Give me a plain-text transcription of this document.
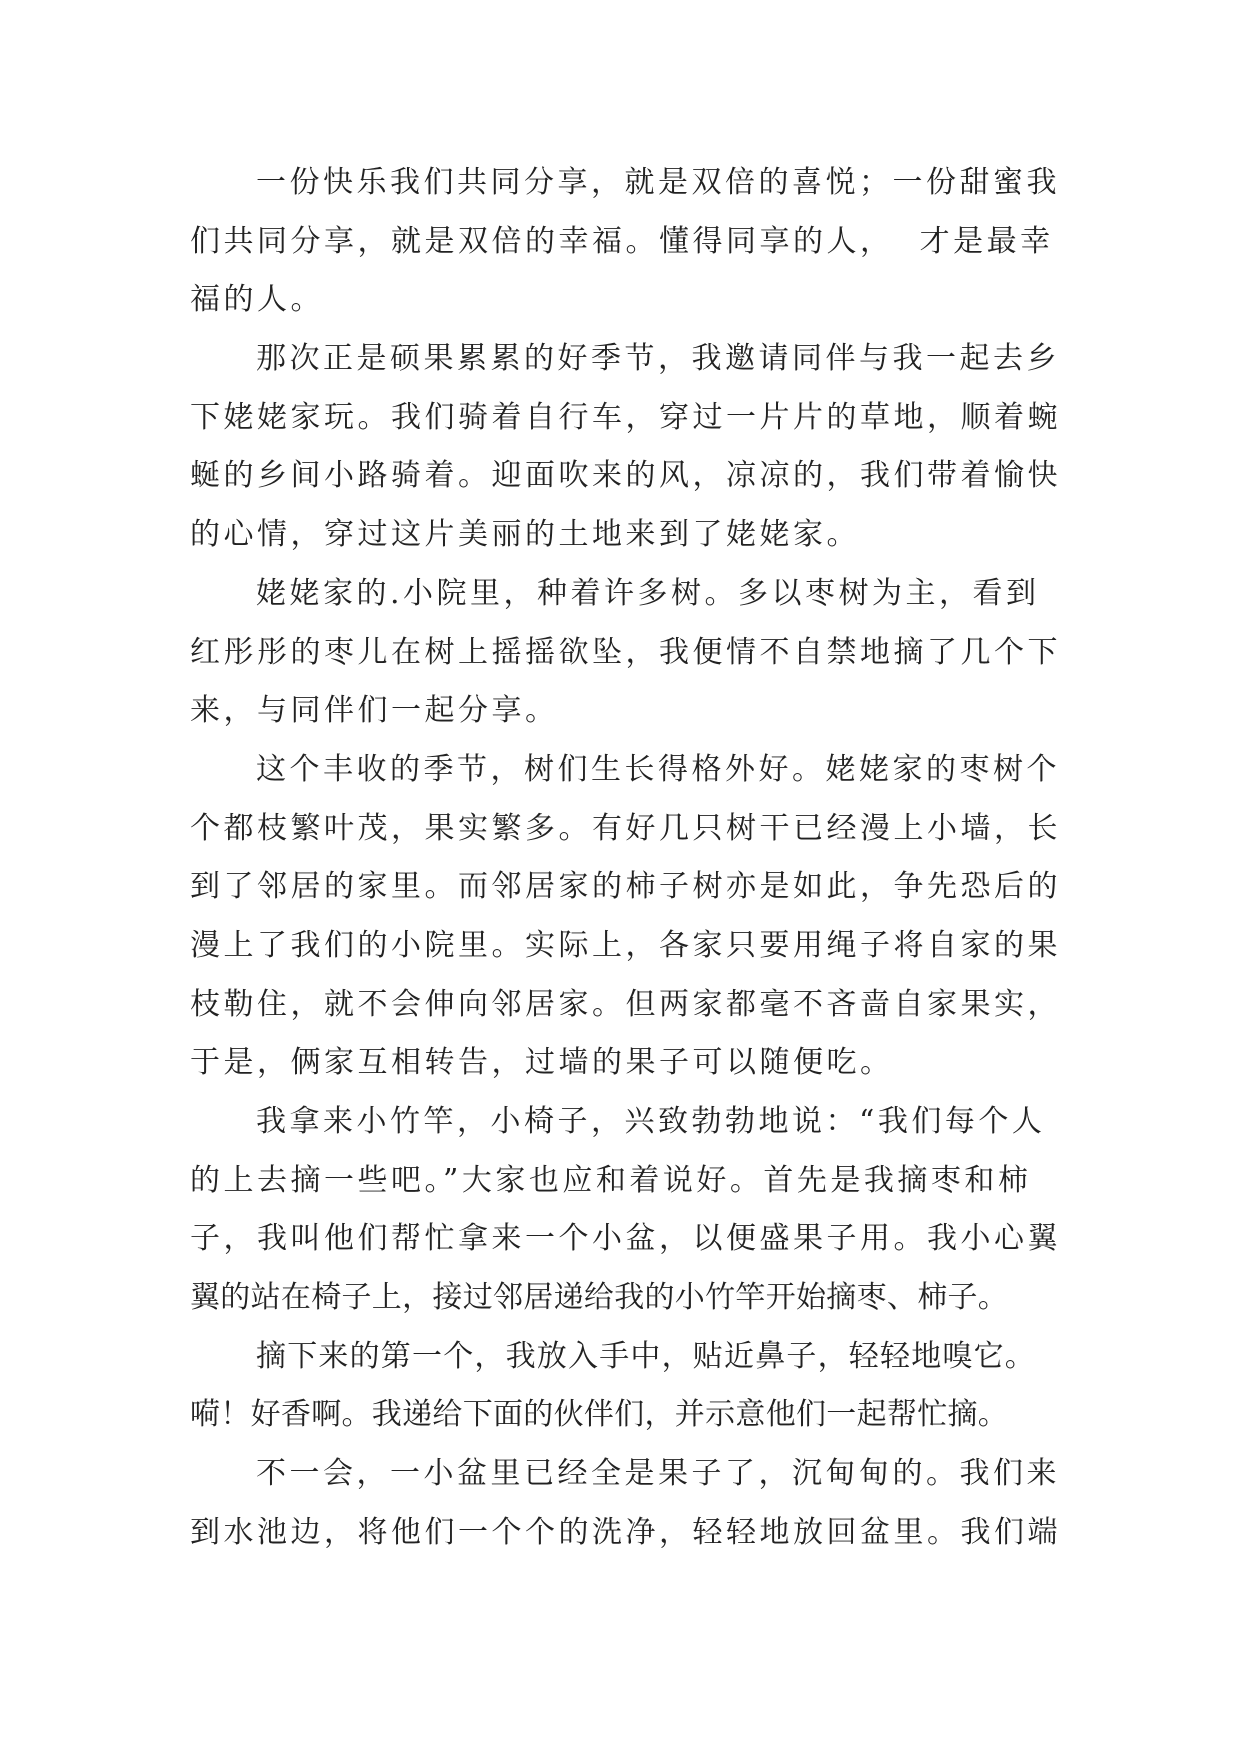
一份快乐我们共同分享，就是双倍的喜悦；一份甜蜜我
们共同分享，就是双倍的幸福。懂得同享的人，  才是最幸
福的人。
那次正是硕果累累的好季节，我邀请同伴与我一起去乡
下姥姥家玩。我们骑着自行车，穿过一片片的草地，顺着蜿
蜒的乡间小路骑着。迎面吹来的风，凉凉的，我们带着愉快
的心情，穿过这片美丽的土地来到了姥姥家。
姥姥家的.小院里，种着许多树。多以枣树为主，看到
红彤彤的枣儿在树上摇摇欲坠，我便情不自禁地摘了几个下
来，与同伴们一起分享。
这个丰收的季节，树们生长得格外好。姥姥家的枣树个
个都枝繁叶茂，果实繁多。有好几只树干已经漫上小墙，长
到了邻居的家里。而邻居家的柿子树亦是如此，争先恐后的
漫上了我们的小院里。实际上，各家只要用绳子将自家的果
枝勒住，就不会伸向邻居家。但两家都毫不吝啬自家果实，
于是，俩家互相转告，过墙的果子可以随便吃。
我拿来小竹竿，小椅子，兴致勃勃地说：“我们每个人
的上去摘一些吧。”大家也应和着说好。首先是我摘枣和柿
子，我叫他们帮忙拿来一个小盆，以便盛果子用。我小心翼
翼的站在椅子上，接过邻居递给我的小竹竿开始摘枣、柿子。
摘下来的第一个，我放入手中，贴近鼻子，轻轻地嗅它。
嗬！好香啊。我递给下面的伙伴们，并示意他们一起帮忙摘。
不一会，一小盆里已经全是果子了，沉甸甸的。我们来
到水池边，将他们一个个的洗净，轻轻地放回盆里。我们端
